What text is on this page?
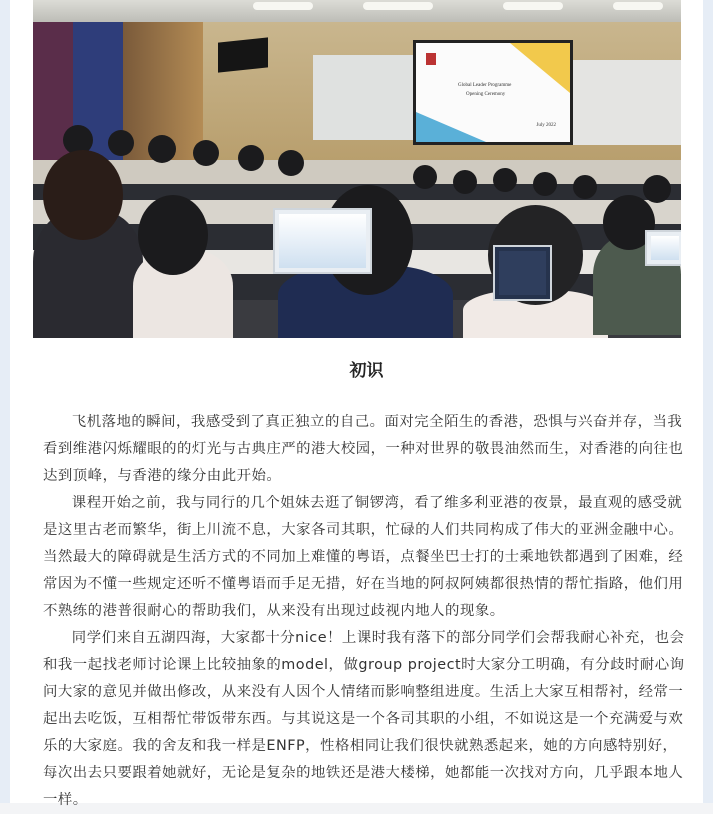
Global Leader Programme
Opening Ceremony
July 2022
初识

飞机落地的瞬间，我感受到了真正独立的自己。面对完全陌生的香港，恐惧与兴奋并存，当我看到维港闪烁耀眼的的灯光与古典庄严的港大校园，一种对世界的敬畏油然而生，对香港的向往也达到顶峰，与香港的缘分由此开始。

课程开始之前，我与同行的几个姐妹去逛了铜锣湾，看了维多利亚港的夜景，最直观的感受就是这里古老而繁华，街上川流不息，大家各司其职，忙碌的人们共同构成了伟大的亚洲金融中心。当然最大的障碍就是生活方式的不同加上难懂的粤语，点餐坐巴士打的士乘地铁都遇到了困难，经常因为不懂一些规定还听不懂粤语而手足无措，好在当地的阿叔阿姨都很热情的帮忙指路，他们用不熟练的港普很耐心的帮助我们，从来没有出现过歧视内地人的现象。

同学们来自五湖四海，大家都十分nice！上课时我有落下的部分同学们会帮我耐心补充，也会和我一起找老师讨论课上比较抽象的model，做group project时大家分工明确，有分歧时耐心询问大家的意见并做出修改，从来没有人因个人情绪而影响整组进度。生活上大家互相帮衬，经常一起出去吃饭，互相帮忙带饭带东西。与其说这是一个各司其职的小组，不如说这是一个充满爱与欢乐的大家庭。我的舍友和我一样是ENFP，性格相同让我们很快就熟悉起来，她的方向感特别好，每次出去只要跟着她就好，无论是复杂的地铁还是港大楼梯，她都能一次找对方向，几乎跟本地人一样。
